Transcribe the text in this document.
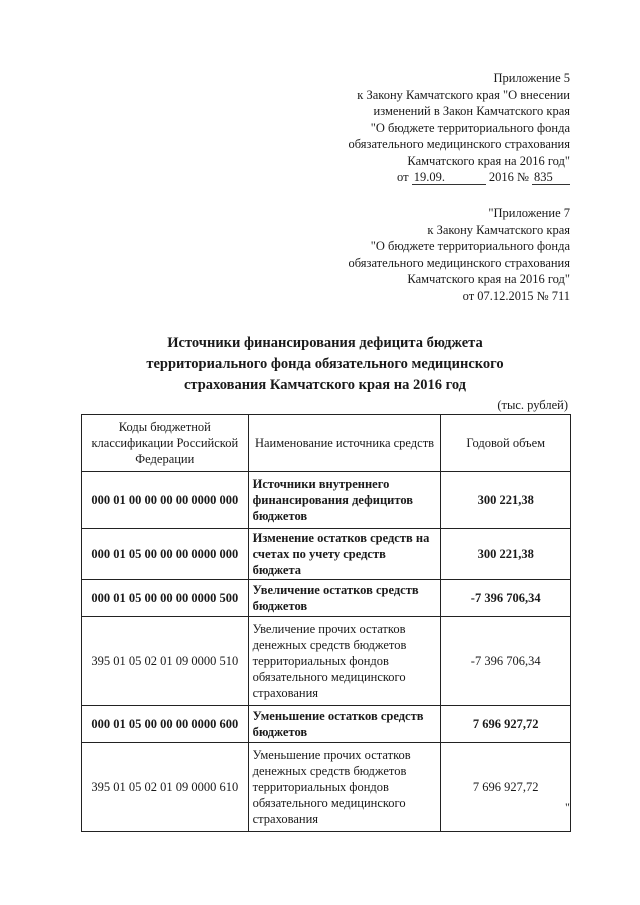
Приложение 5
к Закону Камчатского края "О внесении
изменений в Закон Камчатского края
"О бюджете территориального фонда
обязательного медицинского страхования
Камчатского края на 2016 год"
от 19.09.	2016 № 835
"Приложение 7
к Закону Камчатского края
"О бюджете территориального фонда
обязательного медицинского страхования
Камчатского края на 2016 год"
от 07.12.2015 № 711
Источники финансирования дефицита бюджета
территориального фонда обязательного медицинского
страхования Камчатского края на 2016 год
(тыс. рублей)
Коды бюджетной классификации Российской Федерации	Наименование источника средств	Годовой объем
000 01 00 00 00 00 0000 000	Источники внутреннего финансирования дефицитов бюджетов	300 221,38
000 01 05 00 00 00 0000 000	Изменение остатков средств на счетах по учету средств бюджета	300 221,38
000 01 05 00 00 00 0000 500	Увеличение остатков средств бюджетов	-7 396 706,34
395 01 05 02 01 09 0000 510	Увеличение прочих остатков денежных средств бюджетов территориальных фондов обязательного медицинского страхования	-7 396 706,34
000 01 05 00 00 00 0000 600	Уменьшение остатков средств бюджетов	7 696 927,72
395 01 05 02 01 09 0000 610	Уменьшение прочих остатков денежных средств бюджетов территориальных фондов обязательного медицинского страхования	7 696 927,72
"
